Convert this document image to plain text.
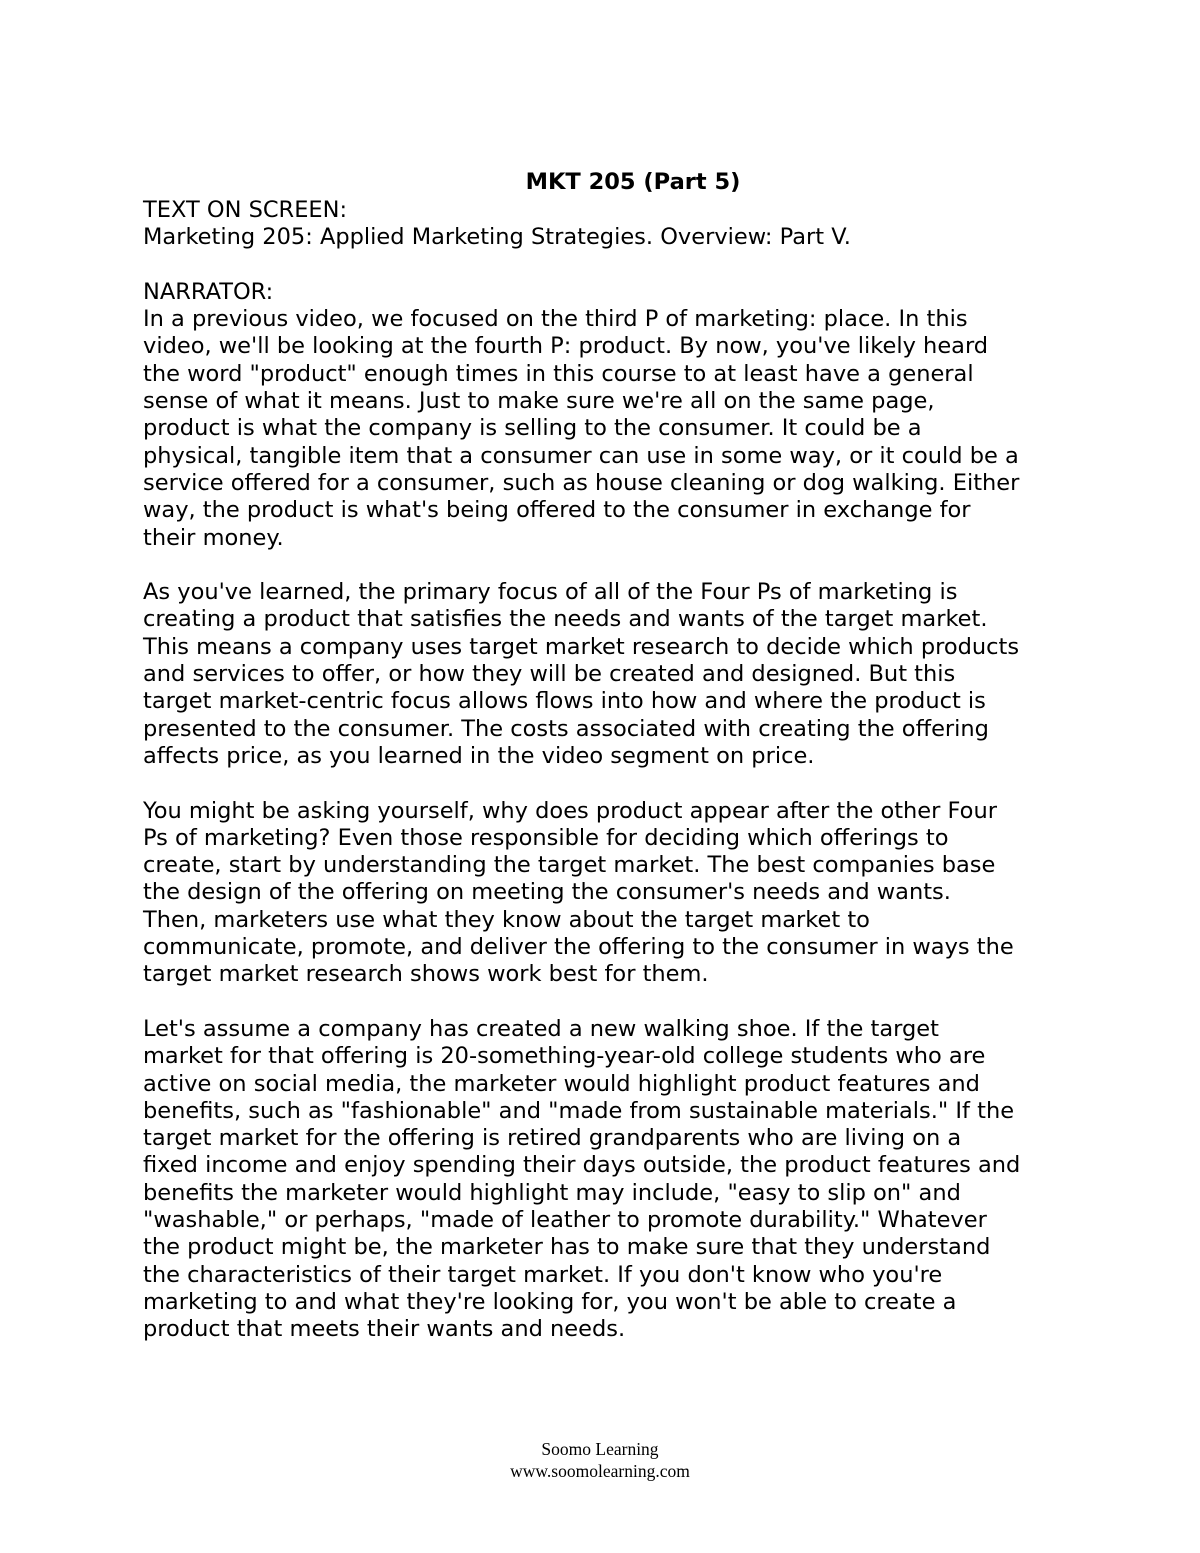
MKT 205 (Part 5)
TEXT ON SCREEN:
Marketing 205: Applied Marketing Strategies. Overview: Part V.
NARRATOR:
In a previous video, we focused on the third P of marketing: place. In this
video, we'll be looking at the fourth P: product. By now, you've likely heard
the word "product" enough times in this course to at least have a general
sense of what it means. Just to make sure we're all on the same page,
product is what the company is selling to the consumer. It could be a
physical, tangible item that a consumer can use in some way, or it could be a
service offered for a consumer, such as house cleaning or dog walking. Either
way, the product is what's being offered to the consumer in exchange for
their money.
As you've learned, the primary focus of all of the Four Ps of marketing is
creating a product that satisfies the needs and wants of the target market.
This means a company uses target market research to decide which products
and services to offer, or how they will be created and designed. But this
target market-centric focus allows flows into how and where the product is
presented to the consumer. The costs associated with creating the offering
affects price, as you learned in the video segment on price.
You might be asking yourself, why does product appear after the other Four
Ps of marketing? Even those responsible for deciding which offerings to
create, start by understanding the target market. The best companies base
the design of the offering on meeting the consumer's needs and wants.
Then, marketers use what they know about the target market to
communicate, promote, and deliver the offering to the consumer in ways the
target market research shows work best for them.
Let's assume a company has created a new walking shoe. If the target
market for that offering is 20-something-year-old college students who are
active on social media, the marketer would highlight product features and
benefits, such as "fashionable" and "made from sustainable materials." If the
target market for the offering is retired grandparents who are living on a
fixed income and enjoy spending their days outside, the product features and
benefits the marketer would highlight may include, "easy to slip on" and
"washable," or perhaps, "made of leather to promote durability." Whatever
the product might be, the marketer has to make sure that they understand
the characteristics of their target market. If you don't know who you're
marketing to and what they're looking for, you won't be able to create a
product that meets their wants and needs.
Soomo Learning
www.soomolearning.com
